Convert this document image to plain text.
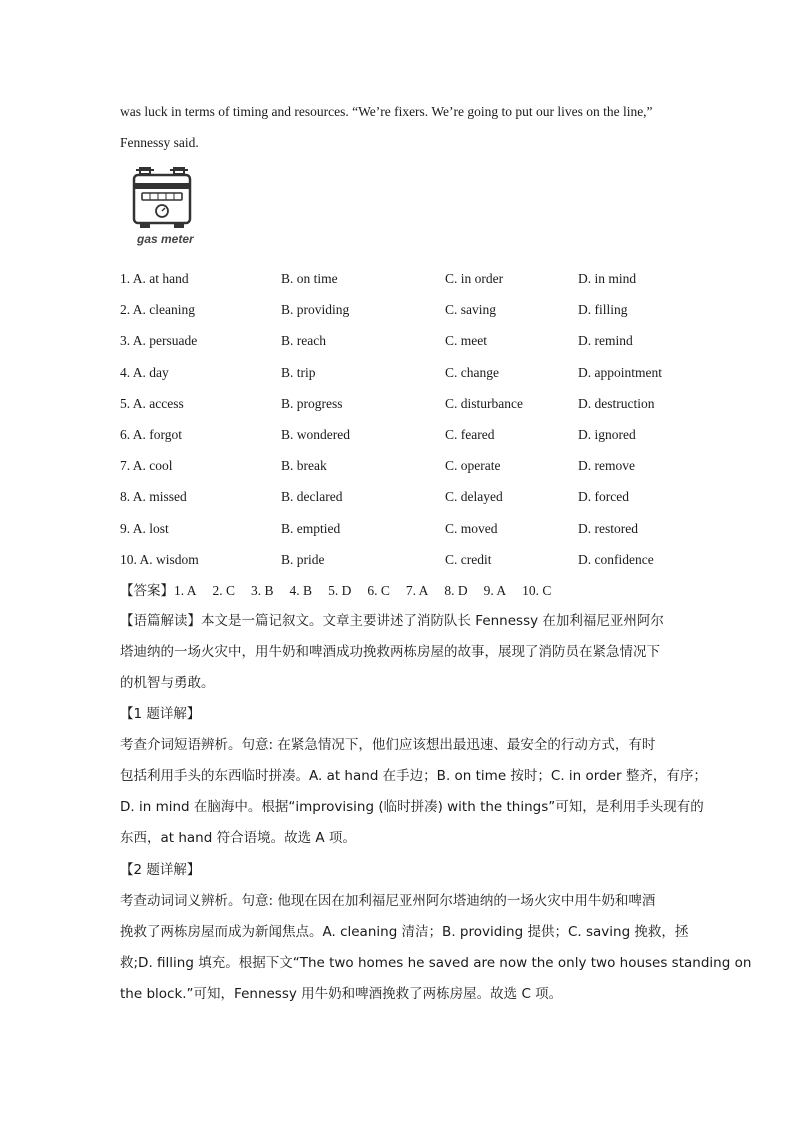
was luck in terms of timing and resources. “We’re fixers. We’re going to put our lives on the line,”
Fennessy said.
gas meter
1. A. at hand	B. on time	C. in order	D. in mind
2. A. cleaning	B. providing	C. saving	D. filling
3. A. persuade	B. reach	C. meet	D. remind
4. A. day	B. trip	C. change	D. appointment
5. A. access	B. progress	C. disturbance	D. destruction
6. A. forgot	B. wondered	C. feared	D. ignored
7. A. cool	B. break	C. operate	D. remove
8. A. missed	B. declared	C. delayed	D. forced
9. A. lost	B. emptied	C. moved	D. restored
10. A. wisdom	B. pride	C. credit	D. confidence
【答案】1. A 2. C 3. B 4. B 5. D 6. C 7. A 8. D 9. A 10. C

【语篇解读】本文是一篇记叙文。文章主要讲述了消防队长 Fennessy 在加利福尼亚州阿尔

塔迪纳的一场火灾中，用牛奶和啤酒成功挽救两栋房屋的故事，展现了消防员在紧急情况下

的机智与勇敢。

【1 题详解】

考查介词短语辨析。句意: 在紧急情况下，他们应该想出最迅速、最安全的行动方式，有时

包括利用手头的东西临时拼凑。A. at hand 在手边；B. on time 按时；C. in order 整齐，有序；

D. in mind 在脑海中。根据“improvising (临时拼凑) with the things”可知，是利用手头现有的

东西，at hand 符合语境。故选 A 项。

【2 题详解】

考查动词词义辨析。句意: 他现在因在加利福尼亚州阿尔塔迪纳的一场火灾中用牛奶和啤酒

挽救了两栋房屋而成为新闻焦点。A. cleaning 清洁；B. providing 提供；C. saving 挽救，拯

救;D. filling 填充。根据下文“The two homes he saved are now the only two houses standing on

the block.”可知，Fennessy 用牛奶和啤酒挽救了两栋房屋。故选 C 项。
